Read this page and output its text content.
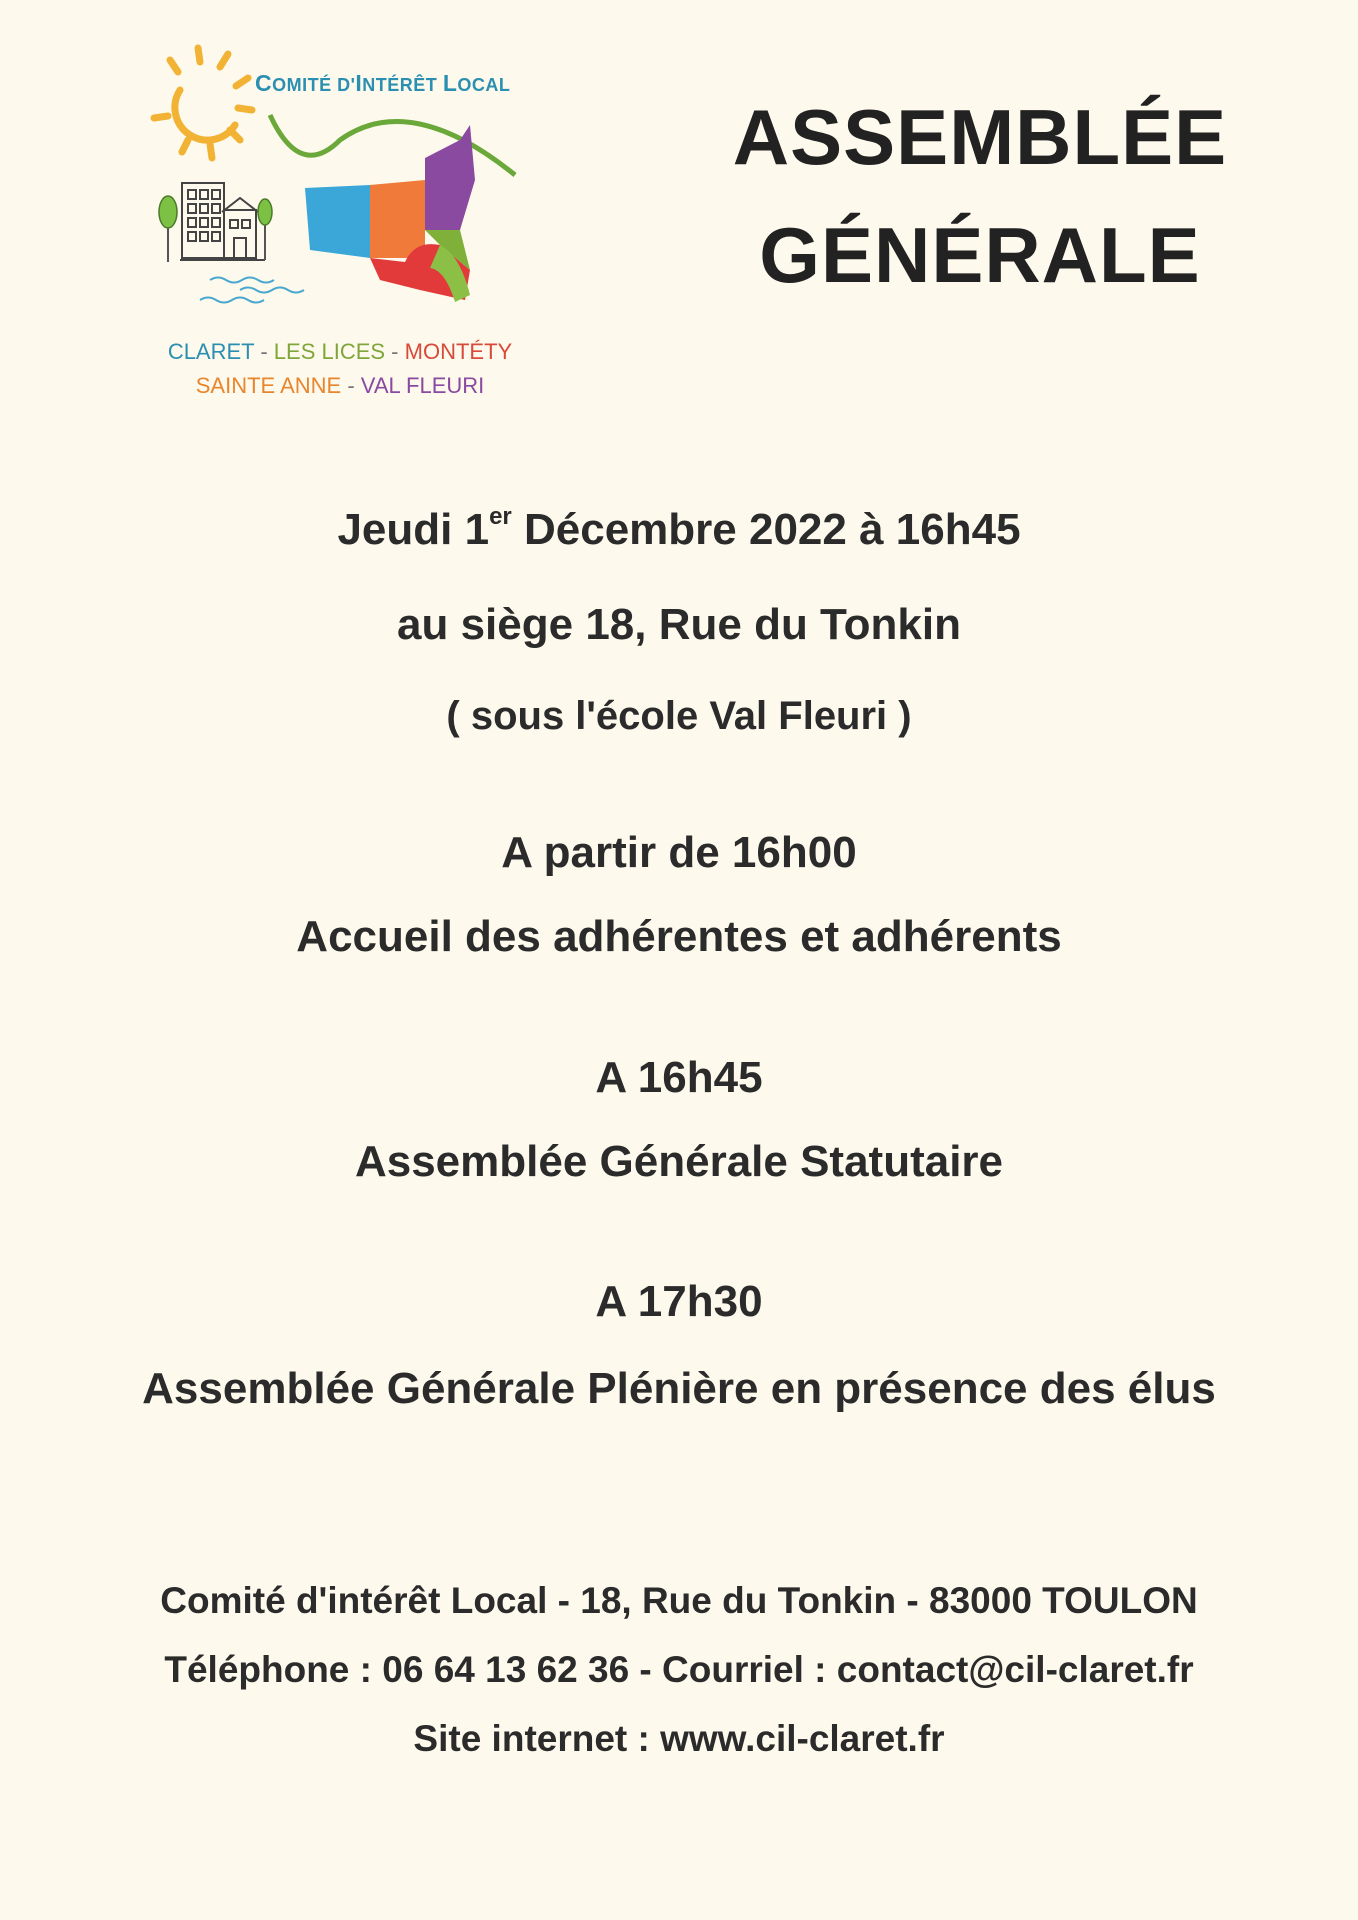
COMITÉ D'INTÉRÊT LOCAL
CLARET - LES LICES - MONTÉTY
SAINTE ANNE - VAL FLEURI
ASSEMBLÉE
GÉNÉRALE
Jeudi 1er Décembre 2022 à 16h45
au siège 18, Rue du Tonkin
( sous l'école Val Fleuri )
A partir de 16h00
Accueil des adhérentes et adhérents
A 16h45
Assemblée Générale Statutaire
A 17h30
Assemblée Générale Plénière en présence des élus
Comité d'intérêt Local - 18, Rue du Tonkin - 83000 TOULON
Téléphone : 06 64 13 62 36 - Courriel : contact@cil-claret.fr
Site internet : www.cil-claret.fr
